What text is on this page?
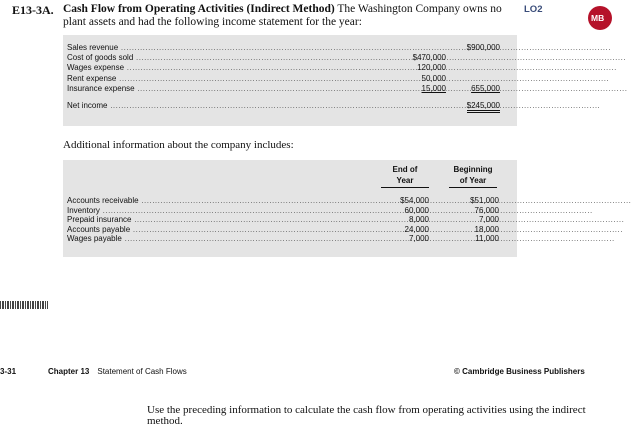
E13-3A. Cash Flow from Operating Activities (Indirect Method) The Washington Company owns no
plant assets and had the following income statement for the year:
LO2
MB
Sales revenue .....	$900,000
Cost of goods sold .....	$470,000
Wages expense .....	120,000
Rent expense .....	50,000
Insurance expense .....	15,000	655,000
Net income .....	$245,000
Additional information about the company includes:
End of
Year
Beginning
of Year
Accounts receivable .....	$54,000	$51,000
Inventory .....	60,000	76,000
Prepaid insurance .....	8,000	7,000
Accounts payable .....	24,000	18,000
Wages payable .....	7,000	11,000
3-31	Chapter 13 Statement of Cash Flows	© Cambridge Business Publishers
Use the preceding information to calculate the cash flow from operating activities using the indirect method.
